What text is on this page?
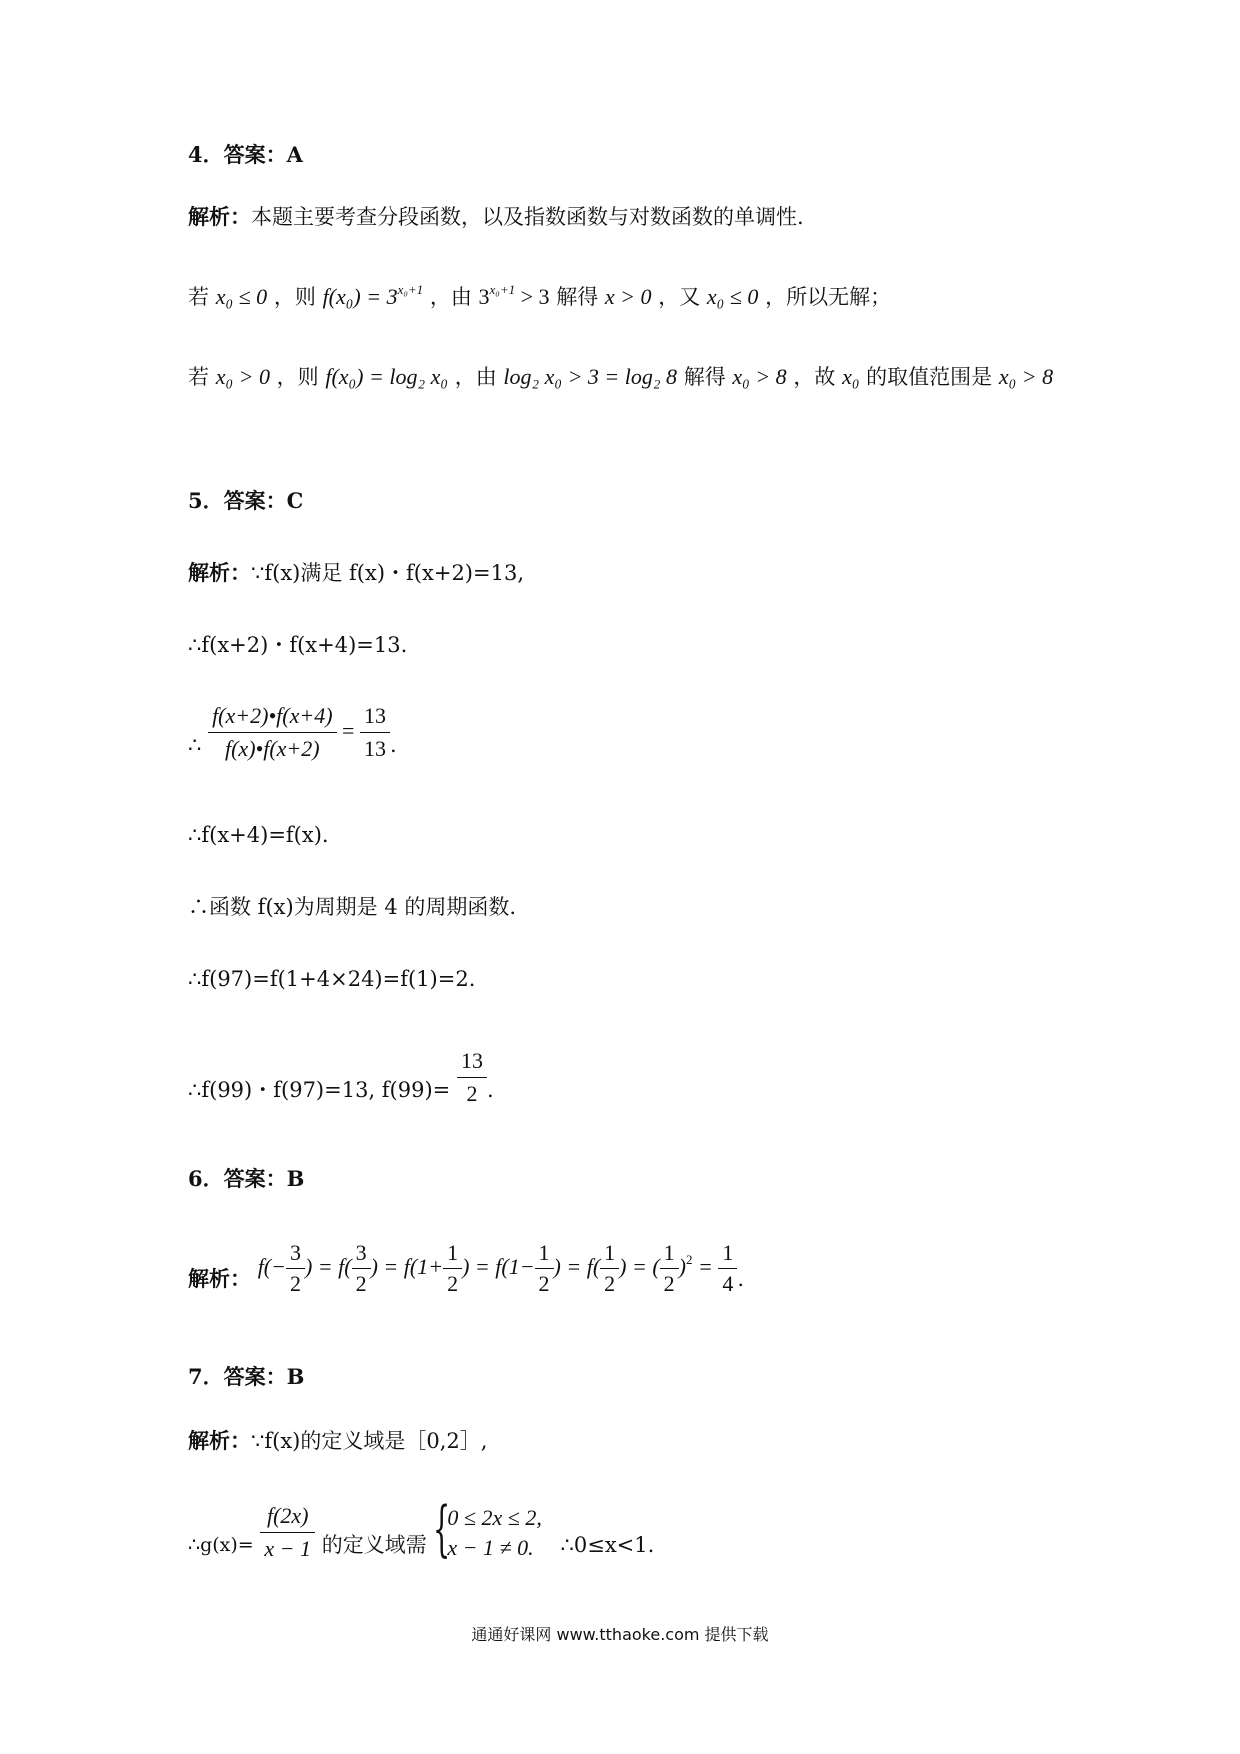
4．答案：A
解析：本题主要考查分段函数，以及指数函数与对数函数的单调性.
若 x₀ ≤ 0 ，则 $f(x_0) = 3^{x_0+1}$ ，由 $3^{x_0+1} > 3$ 解得 x > 0 ，又 x₀ ≤ 0 ，所以无解；
若 x₀ > 0 ，则 f(x₀) = log₂ x₀ ，由 log₂ x₀ > 3 = log₂ 8 解得 x₀ > 8 ，故 x₀ 的取值范围是 x₀ > 8
5．答案：C
解析：∵f(x)满足 f(x)・f(x+2)=13,
∴f(x+2)・f(x+4)=13.
∴ $\frac{f(x+2)•f(x+4)}{f(x)•f(x+2)} = \frac{13}{13}$ .
∴f(x+4)=f(x).
∴函数 f(x)为周期是 4 的周期函数.
∴f(97)=f(1+4×24)=f(1)=2.
∴f(99)・f(97)=13, $f(99)= \frac{13}{2}$ .
6．答案：B
解析： $f(- \frac{3}{2}$ ) = $f( \frac{3}{2}$ ) = $f(1+ \frac{1}{2}$ ) = $f(1- \frac{1}{2}$ ) = $f( \frac{1}{2}$ ) = ( $\frac{1}{2} )^2 = \frac{1}{4}$ .
7．答案：B
解析：∵f(x)的定义域是［0,2］,
∴g(x)= $\frac{f(2x)}{x - 1}$ 的定义域需 {
0 ≤ 2x ≤ 2,
x − 1 ≠ 0.	∴0≤x<1.
通通好课网 www.tthaoke.com 提供下载
